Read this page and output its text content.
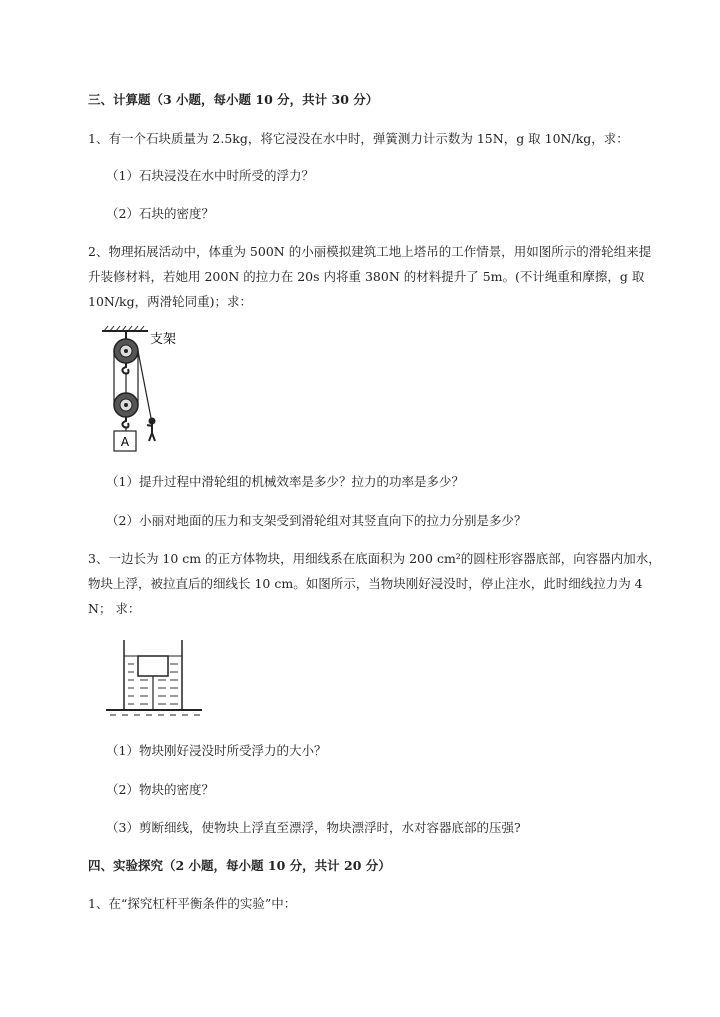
三、计算题（3 小题，每小题 10 分，共计 30 分）
1、有一个石块质量为 2.5kg，将它浸没在水中时，弹簧测力计示数为 15N，g 取 10N/kg，求：
（1）石块浸没在水中时所受的浮力？
（2）石块的密度？
2、物理拓展活动中，体重为 500N 的小丽模拟建筑工地上塔吊的工作情景，用如图所示的滑轮组来提
升装修材料，若她用 200N 的拉力在 20s 内将重 380N 的材料提升了 5m。(不计绳重和摩擦，g 取
10N/kg，两滑轮同重)；求：
A
支架
（1）提升过程中滑轮组的机械效率是多少？拉力的功率是多少？
（2）小丽对地面的压力和支架受到滑轮组对其竖直向下的拉力分别是多少？
3、一边长为 10 cm 的正方体物块，用细线系在底面积为 200 cm²的圆柱形容器底部，向容器内加水，
物块上浮，被拉直后的细线长 10 cm。如图所示，当物块刚好浸没时，停止注水，此时细线拉力为 4
N； 求：
（1）物块刚好浸没时所受浮力的大小？
（2）物块的密度？
（3）剪断细线，使物块上浮直至漂浮，物块漂浮时，水对容器底部的压强?
四、实验探究（2 小题，每小题 10 分，共计 20 分）
1、在“探究杠杆平衡条件的实验”中：
